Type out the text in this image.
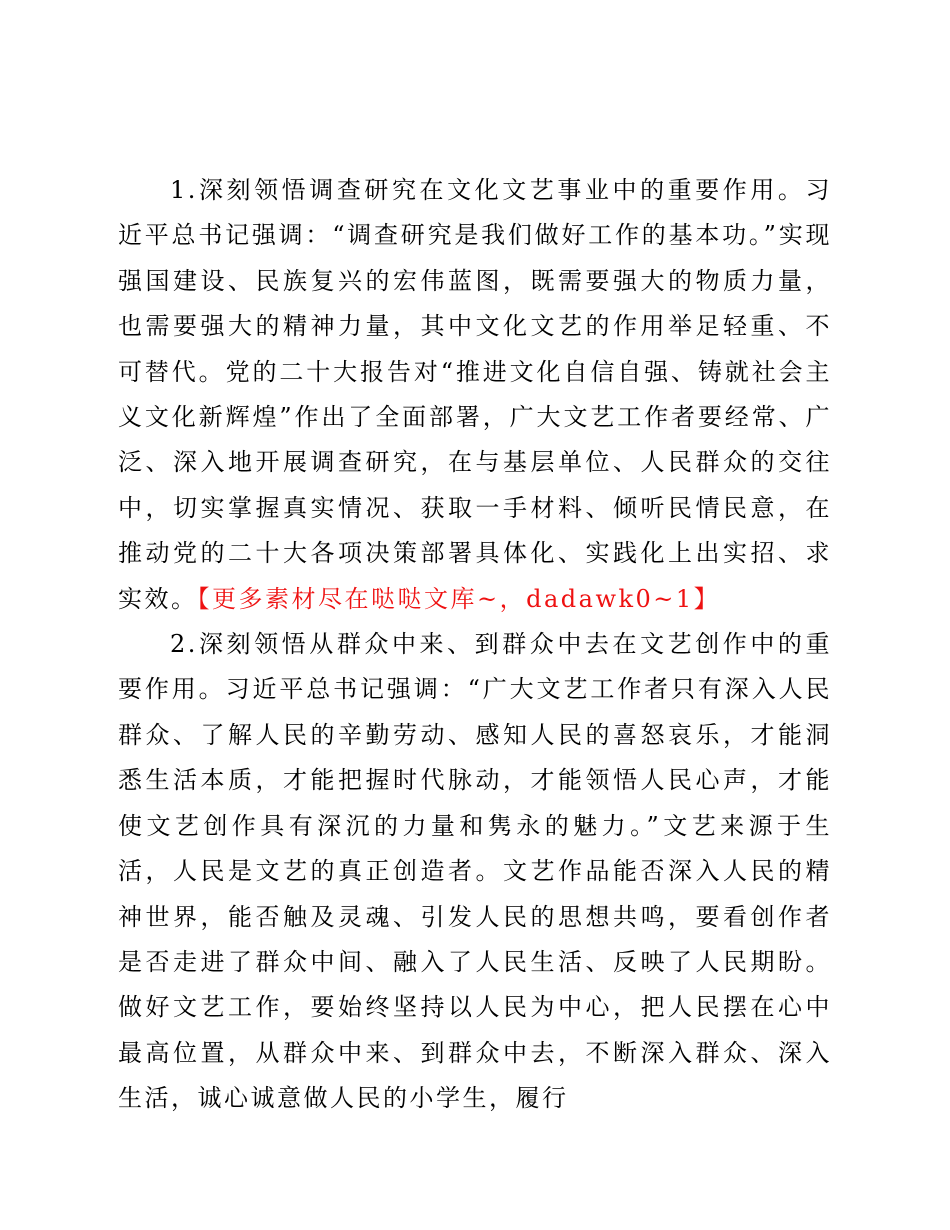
1.深刻领悟调查研究在文化文艺事业中的重要作用。习近平总书记强调：“调查研究是我们做好工作的基本功。”实现强国建设、民族复兴的宏伟蓝图，既需要强大的物质力量，也需要强大的精神力量，其中文化文艺的作用举足轻重、不可替代。党的二十大报告对“推进文化自信自强、铸就社会主义文化新辉煌”作出了全面部署，广大文艺工作者要经常、广泛、深入地开展调查研究，在与基层单位、人民群众的交往中，切实掌握真实情况、获取一手材料、倾听民情民意，在推动党的二十大各项决策部署具体化、实践化上出实招、求实效。【更多素材尽在哒哒文库~，dadawk0~1】

2.深刻领悟从群众中来、到群众中去在文艺创作中的重要作用。习近平总书记强调：“广大文艺工作者只有深入人民群众、了解人民的辛勤劳动、感知人民的喜怒哀乐，才能洞悉生活本质，才能把握时代脉动，才能领悟人民心声，才能使文艺创作具有深沉的力量和隽永的魅力。”文艺来源于生活，人民是文艺的真正创造者。文艺作品能否深入人民的精神世界，能否触及灵魂、引发人民的思想共鸣，要看创作者是否走进了群众中间、融入了人民生活、反映了人民期盼。做好文艺工作，要始终坚持以人民为中心，把人民摆在心中最高位置，从群众中来、到群众中去，不断深入群众、深入生活，诚心诚意做人民的小学生，履行
